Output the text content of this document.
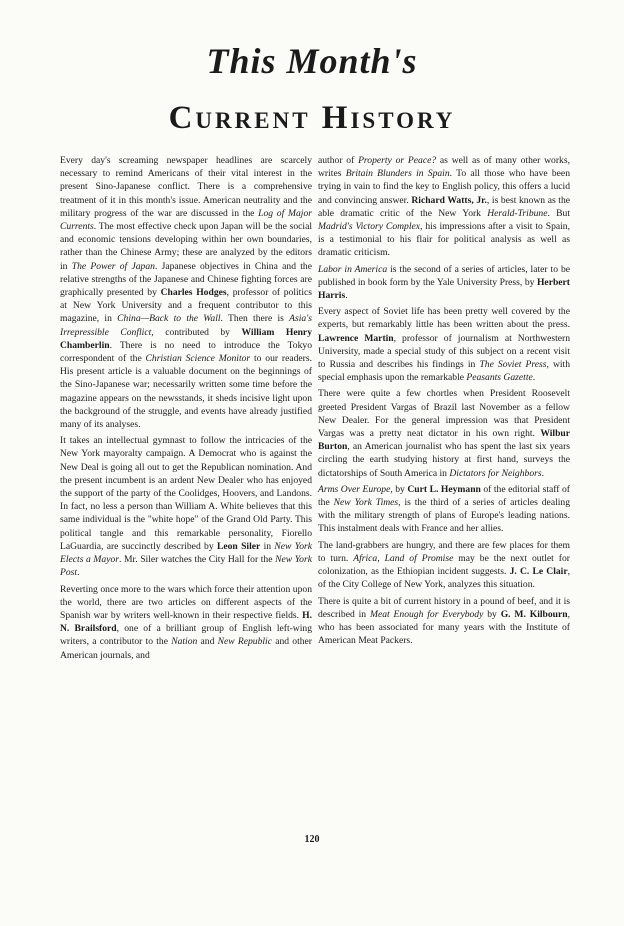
This Month's
Current History

Every day's screaming newspaper headlines are scarcely necessary to remind Americans of their vital interest in the present Sino-Japanese conflict. There is a comprehensive treatment of it in this month's issue. American neutrality and the military progress of the war are discussed in the Log of Major Currents. The most effective check upon Japan will be the social and economic tensions developing within her own boundaries, rather than the Chinese Army; these are analyzed by the editors in The Power of Japan. Japanese objectives in China and the relative strengths of the Japanese and Chinese fighting forces are graphically presented by Charles Hodges, professor of politics at New York University and a frequent contributor to this magazine, in China—Back to the Wall. Then there is Asia's Irrepressible Conflict, contributed by William Henry Chamberlin. There is no need to introduce the Tokyo correspondent of the Christian Science Monitor to our readers. His present article is a valuable document on the beginnings of the Sino-Japanese war; necessarily written some time before the magazine appears on the newsstands, it sheds incisive light upon the background of the struggle, and events have already justified many of its analyses.

It takes an intellectual gymnast to follow the intricacies of the New York mayoralty campaign. A Democrat who is against the New Deal is going all out to get the Republican nomination. And the present incumbent is an ardent New Dealer who has enjoyed the support of the party of the Coolidges, Hoovers, and Landons. In fact, no less a person than William A. White believes that this same individual is the "white hope" of the Grand Old Party. This political tangle and this remarkable personality, Fiorello LaGuardia, are succinctly described by Leon Siler in New York Elects a Mayor. Mr. Siler watches the City Hall for the New York Post.

Reverting once more to the wars which force their attention upon the world, there are two articles on different aspects of the Spanish war by writers well-known in their respective fields. H. N. Brailsford, one of a brilliant group of English left-wing writers, a contributor to the Nation and New Republic and other American journals, and

author of Property or Peace? as well as of many other works, writes Britain Blunders in Spain. To all those who have been trying in vain to find the key to English policy, this offers a lucid and convincing answer. Richard Watts, Jr., is best known as the able dramatic critic of the New York Herald-Tribune. But Madrid's Victory Complex, his impressions after a visit to Spain, is a testimonial to his flair for political analysis as well as dramatic criticism.

Labor in America is the second of a series of articles, later to be published in book form by the Yale University Press, by Herbert Harris.

Every aspect of Soviet life has been pretty well covered by the experts, but remarkably little has been written about the press. Lawrence Martin, professor of journalism at Northwestern University, made a special study of this subject on a recent visit to Russia and describes his findings in The Soviet Press, with special emphasis upon the remarkable Peasants Gazette.

There were quite a few chortles when President Roosevelt greeted President Vargas of Brazil last November as a fellow New Dealer. For the general impression was that President Vargas was a pretty neat dictator in his own right. Wilbur Burton, an American journalist who has spent the last six years circling the earth studying history at first hand, surveys the dictatorships of South America in Dictators for Neighbors.

Arms Over Europe, by Curt L. Heymann of the editorial staff of the New York Times, is the third of a series of articles dealing with the military strength of plans of Europe's leading nations. This instalment deals with France and her allies.

The land-grabbers are hungry, and there are few places for them to turn. Africa, Land of Promise may be the next outlet for colonization, as the Ethiopian incident suggests. J. C. Le Clair, of the City College of New York, analyzes this situation.

There is quite a bit of current history in a pound of beef, and it is described in Meat Enough for Everybody by G. M. Kilbourn, who has been associated for many years with the Institute of American Meat Packers.

120
